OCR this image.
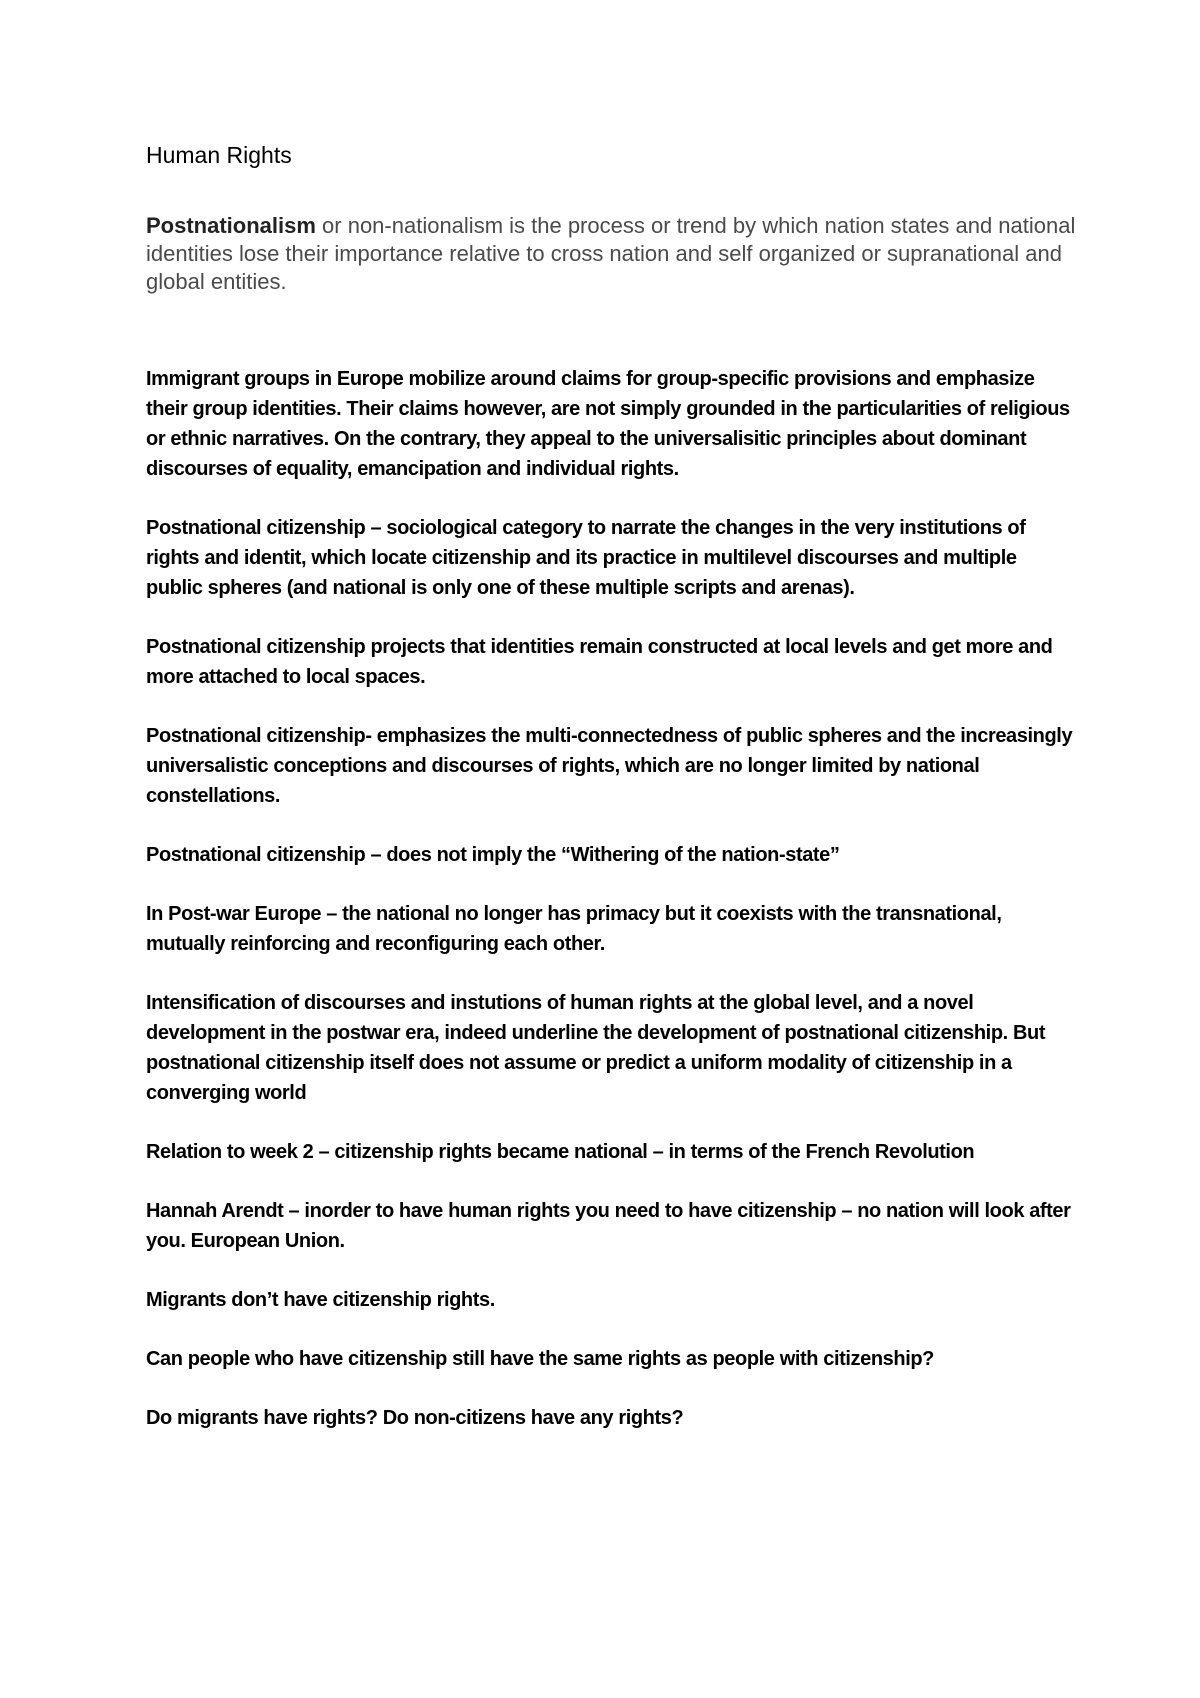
Human Rights
Postnationalism or non-nationalism is the process or trend by which nation states and national identities lose their importance relative to cross nation and self organized or supranational and global entities.
Immigrant groups in Europe mobilize around claims for group-specific provisions and emphasize their group identities. Their claims however, are not simply grounded in the particularities of religious or ethnic narratives. On the contrary, they appeal to the universalisitic principles about dominant discourses of equality, emancipation and individual rights.
Postnational citizenship – sociological category to narrate the changes in the very institutions of rights and identit, which locate citizenship and its practice in multilevel discourses and multiple public spheres (and national is only one of these multiple scripts and arenas).
Postnational citizenship projects that identities remain constructed at local levels and get more and more attached to local spaces.
Postnational citizenship- emphasizes the multi-connectedness of public spheres and the increasingly universalistic conceptions and discourses of rights, which are no longer limited by national constellations.
Postnational citizenship – does not imply the “Withering of the nation-state”
In Post-war Europe – the national no longer has primacy but it coexists with the transnational, mutually reinforcing and reconfiguring each other.
Intensification of discourses and instutions of human rights at the global level, and a novel development in the postwar era, indeed underline the development of postnational citizenship. But postnational citizenship itself does not assume or predict a uniform modality of citizenship in a converging world
Relation to week 2 – citizenship rights became national – in terms of the French Revolution
Hannah Arendt – inorder to have human rights you need to have citizenship – no nation will look after you. European Union.
Migrants don’t have citizenship rights.
Can people who have citizenship still have the same rights as people with citizenship?
Do migrants have rights? Do non-citizens have any rights?
